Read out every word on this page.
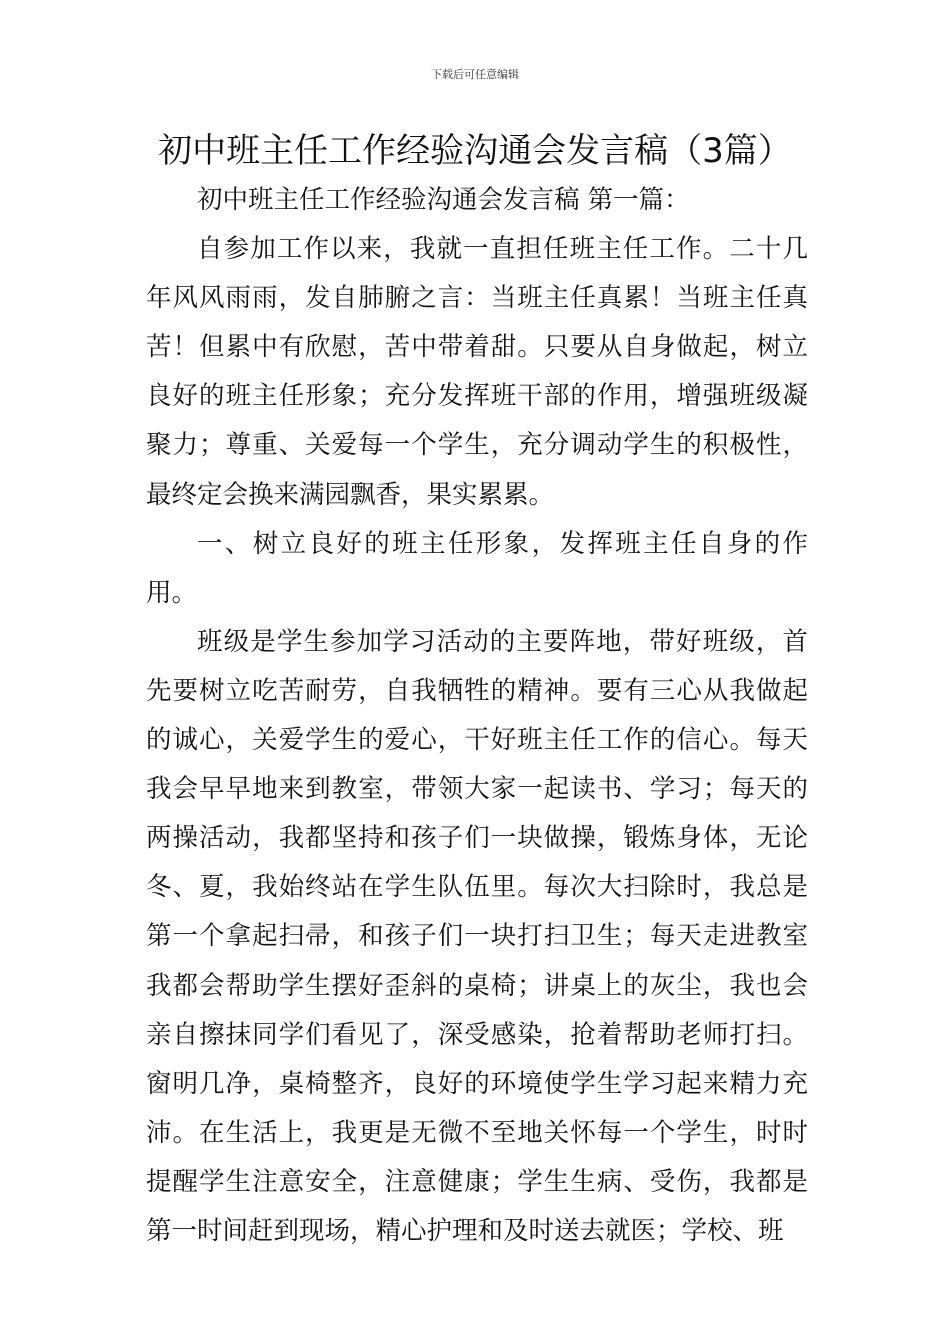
下载后可任意编辑
初中班主任工作经验沟通会发言稿（3篇）

初中班主任工作经验沟通会发言稿 第一篇：

自参加工作以来，我就一直担任班主任工作。二十几年风风雨雨，发自肺腑之言：当班主任真累！当班主任真苦！但累中有欣慰，苦中带着甜。只要从自身做起，树立良好的班主任形象；充分发挥班干部的作用，增强班级凝聚力；尊重、关爱每一个学生，充分调动学生的积极性，最终定会换来满园飘香，果实累累。

一、树立良好的班主任形象，发挥班主任自身的作用。

班级是学生参加学习活动的主要阵地，带好班级，首先要树立吃苦耐劳，自我牺牲的精神。要有三心从我做起的诚心，关爱学生的爱心，干好班主任工作的信心。每天我会早早地来到教室，带领大家一起读书、学习；每天的两操活动，我都坚持和孩子们一块做操，锻炼身体，无论冬、夏，我始终站在学生队伍里。每次大扫除时，我总是第一个拿起扫帚，和孩子们一块打扫卫生；每天走进教室我都会帮助学生摆好歪斜的桌椅；讲桌上的灰尘，我也会亲自擦抹同学们看见了，深受感染，抢着帮助老师打扫。窗明几净，桌椅整齐，良好的环境使学生学习起来精力充沛。在生活上，我更是无微不至地关怀每一个学生，时时提醒学生注意安全，注意健康；学生生病、受伤，我都是第一时间赶到现场，精心护理和及时送去就医；学校、班
